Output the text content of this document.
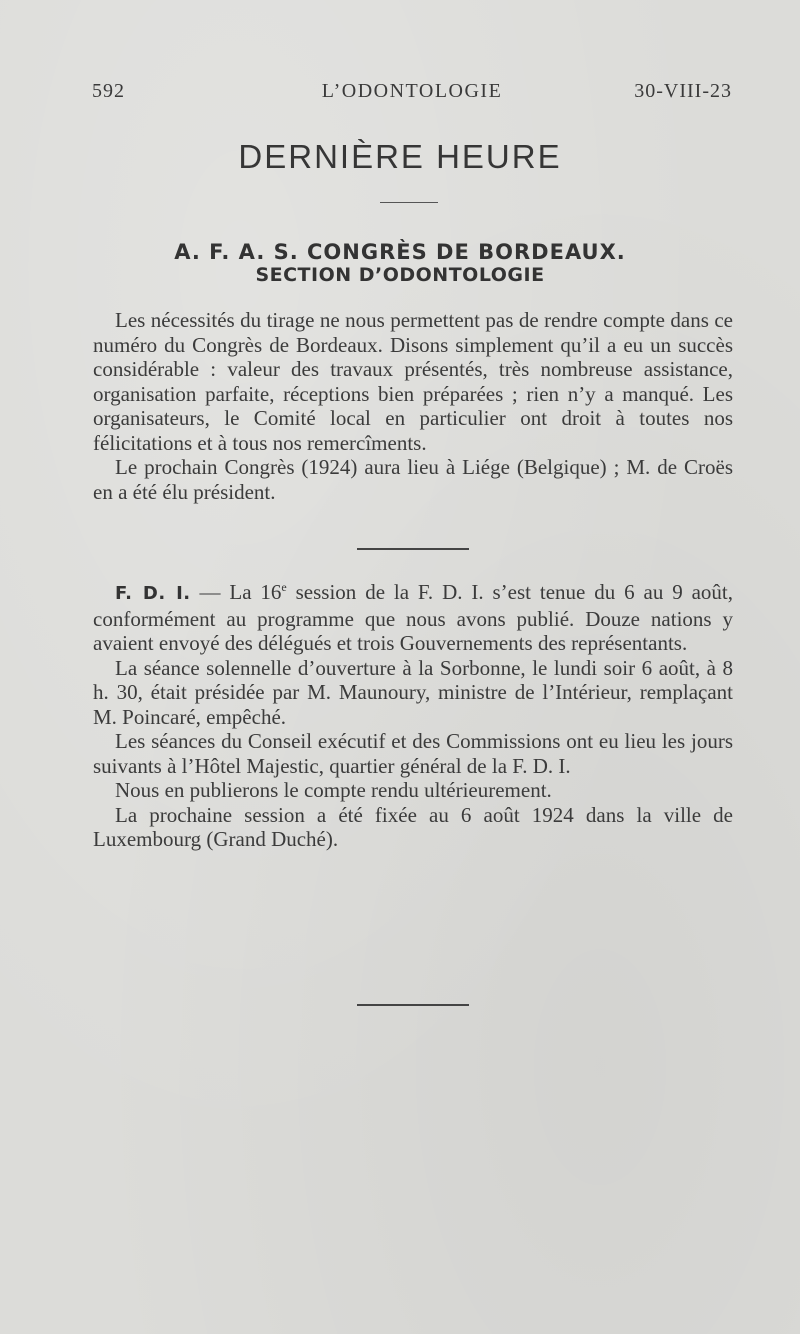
592	L’ODONTOLOGIE	30-VIII-23
DERNIÈRE HEURE
A. F. A. S. CONGRÈS DE BORDEAUX.
SECTION D’ODONTOLOGIE

Les nécessités du tirage ne nous permettent pas de rendre compte dans ce numéro du Congrès de Bordeaux. Disons simplement qu’il a eu un succès considérable : valeur des travaux présentés, très nombreuse assistance, organisation parfaite, réceptions bien préparées ; rien n’y a manqué. Les organisateurs, le Comité local en particulier ont droit à toutes nos félicitations et à tous nos remercîments.

Le prochain Congrès (1924) aura lieu à Liége (Belgique) ; M. de Croës en a été élu président.

F. D. I. — La 16e session de la F. D. I. s’est tenue du 6 au 9 août, conformément au programme que nous avons publié. Douze nations y avaient envoyé des délégués et trois Gouvernements des représentants.

La séance solennelle d’ouverture à la Sorbonne, le lundi soir 6 août, à 8 h. 30, était présidée par M. Maunoury, ministre de l’Intérieur, remplaçant M. Poincaré, empêché.

Les séances du Conseil exécutif et des Commissions ont eu lieu les jours suivants à l’Hôtel Majestic, quartier général de la F. D. I.

Nous en publierons le compte rendu ultérieurement.

La prochaine session a été fixée au 6 août 1924 dans la ville de Luxembourg (Grand Duché).
